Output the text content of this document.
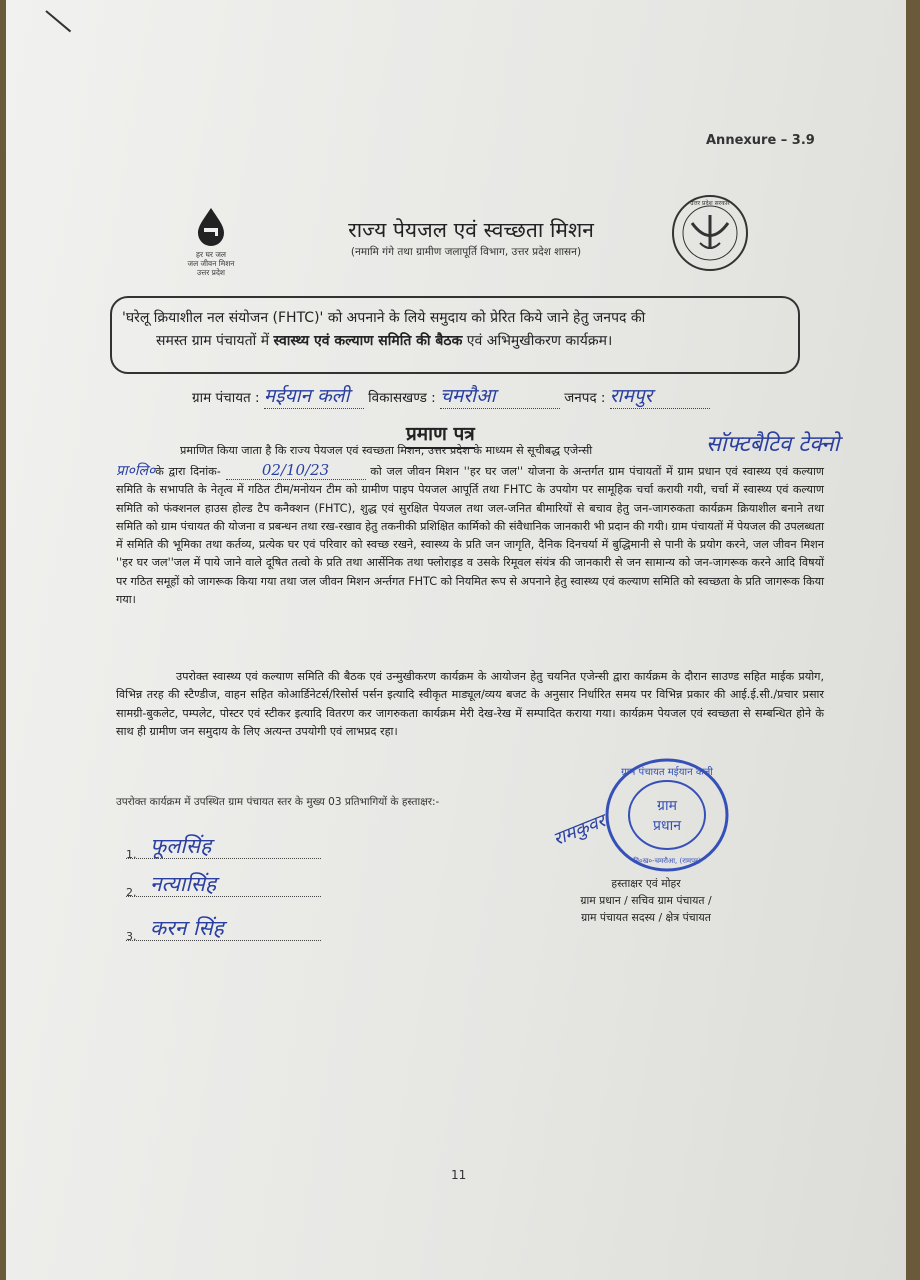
Annexure – 3.9
हर घर जल
जल जीवन मिशन
उत्तर प्रदेश
राज्य पेयजल एवं स्वच्छता मिशन
(नमामि गंगे तथा ग्रामीण जलापूर्ति विभाग, उत्तर प्रदेश शासन)
उत्तर प्रदेश सरकार
'घरेलू क्रियाशील नल संयोजन (FHTC)' को अपनाने के लिये समुदाय को प्रेरित किये जाने हेतु जनपद की
समस्त ग्राम पंचायतों में स्वास्थ्य एवं कल्याण समिति की बैठक एवं अभिमुखीकरण कार्यक्रम।
ग्राम पंचायत : मईयान कली विकासखण्ड : चमरौआ	जनपद : रामपुर
प्रमाण पत्र
प्रमाणित किया जाता है कि राज्य पेयजल एवं स्वच्छता मिशन, उत्तर प्रदेश के माध्यम से सूचीबद्ध एजेन्सी	सॉफ्टबैटिव टेक्नो
प्रा०लि०के द्वारा दिनांक-	02/10/23	को जल जीवन मिशन ''हर घर जल'' योजना के अन्तर्गत ग्राम पंचायतों में ग्राम प्रधान एवं स्वास्थ्य एवं कल्याण समिति के सभापति के नेतृत्व में गठित टीम/मनोयन टीम को ग्रामीण पाइप पेयजल आपूर्ति तथा FHTC के उपयोग पर सामूहिक चर्चा करायी गयी, चर्चा में स्वास्थ्य एवं कल्याण समिति को फंक्शनल हाउस होल्ड टैप कनैक्शन (FHTC), शुद्ध एवं सुरक्षित पेयजल तथा जल-जनित बीमारियों से बचाव हेतु जन-जागरुकता कार्यक्रम क्रियाशील बनाने तथा समिति को ग्राम पंचायत की योजना व प्रबन्धन तथा रख-रखाव हेतु तकनीकी प्रशिक्षित कार्मिको की संवैधानिक जानकारी भी प्रदान की गयी। ग्राम पंचायतों में पेयजल की उपलब्धता में समिति की भूमिका तथा कर्तव्य, प्रत्येक घर एवं परिवार को स्वच्छ रखने, स्वास्थ्य के प्रति जन जागृति, दैनिक दिनचर्या में बुद्धिमानी से पानी के प्रयोग करने, जल जीवन मिशन ''हर घर जल''जल में पाये जाने वाले दूषित तत्वो के प्रति तथा आर्सेनिक तथा फ्लोराइड व उसके रिमूवल संयंत्र की जानकारी से जन सामान्य को जन-जागरूक करने आदि विषयों पर गठित समूहों को जागरूक किया गया तथा जल जीवन मिशन अर्न्तगत FHTC को नियमित रूप से अपनाने हेतु स्वास्थ्य एवं कल्याण समिति को स्वच्छता के प्रति जागरूक किया गया।
उपरोक्त स्वास्थ्य एवं कल्याण समिति की बैठक एवं उन्मुखीकरण कार्यक्रम के आयोजन हेतु चयनित एजेन्सी द्वारा कार्यक्रम के दौरान साउण्ड सहित माईक प्रयोग, विभिन्न तरह की स्टैण्डीज, वाहन सहित कोआर्डिनेटर्स/रिसोर्स पर्सन इत्यादि स्वीकृत माड्यूल/व्यय बजट के अनुसार निर्धारित समय पर विभिन्न प्रकार की आई.ई.सी./प्रचार प्रसार सामग्री-बुकलेट, पम्पलेट, पोस्टर एवं स्टीकर इत्यादि वितरण कर जागरुकता कार्यक्रम मेरी देख-रेख में सम्पादित कराया गया। कार्यक्रम पेयजल एवं स्वच्छता से सम्बन्धित होने के साथ ही ग्रामीण जन समुदाय के लिए अत्यन्त उपयोगी एवं लाभप्रद रहा।
उपरोक्त कार्यक्रम में उपस्थित ग्राम पंचायत स्तर के मुख्य 03 प्रतिभागियों के हस्ताक्षर:-
1. फूलसिंह
2. नत्यासिंह
3. करन सिंह
ग्राम पंचायत मईयान कली
ग्राम
प्रधान
वि०ख०-चमरौआ, (रामपुर)
रामकुवर
हस्ताक्षर एवं मोहर
ग्राम प्रधान / सचिव ग्राम पंचायत /
ग्राम पंचायत सदस्य / क्षेत्र पंचायत
11
